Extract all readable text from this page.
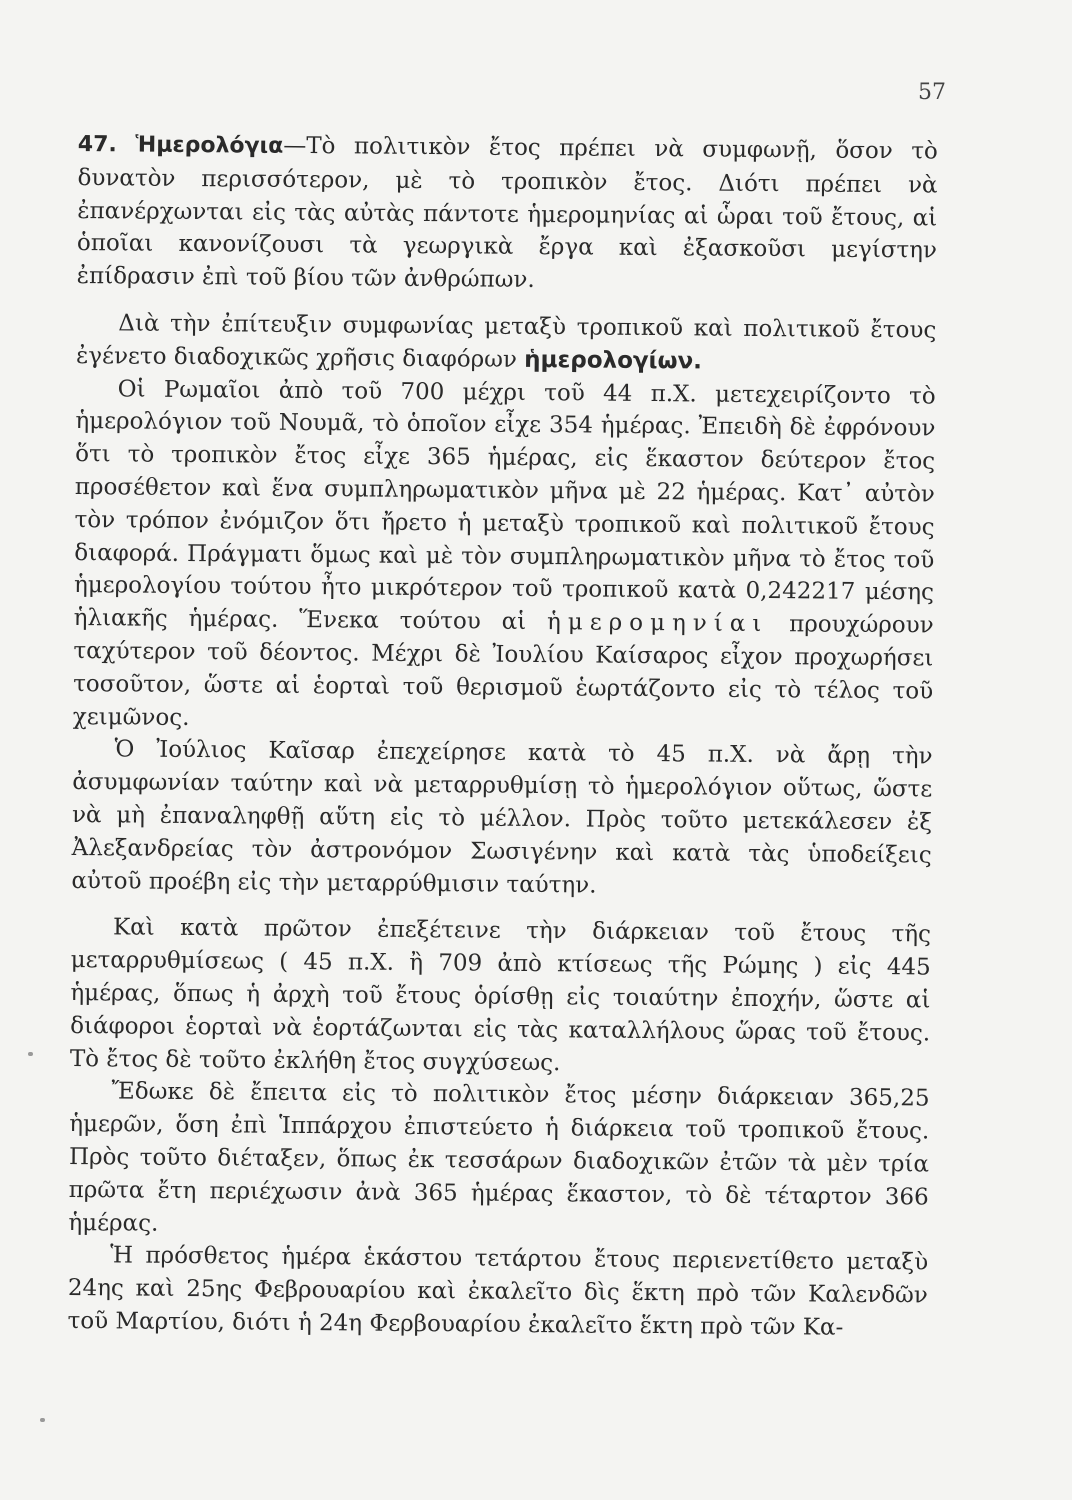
57

47. Ἡμερολόγια—Τὸ πολιτικὸν ἔτος πρέπει νὰ συμφωνῇ, ὅσον τὸ δυνατὸν περισσότερον, μὲ τὸ τροπικὸν ἔτος. Διότι πρέπει νὰ ἐπανέρχωνται εἰς τὰς αὐτὰς πάντοτε ἡμερομηνίας αἱ ὧραι τοῦ ἔτους, αἱ ὁποῖαι κανονίζουσι τὰ γεωργικὰ ἔργα καὶ ἐξασκοῦσι μεγίστην ἐπίδρασιν ἐπὶ τοῦ βίου τῶν ἀνθρώπων.

Διὰ τὴν ἐπίτευξιν συμφωνίας μεταξὺ τροπικοῦ καὶ πολιτικοῦ ἔτους ἐγένετο διαδοχικῶς χρῆσις διαφόρων ἡμερολογίων.

Οἱ Ρωμαῖοι ἀπὸ τοῦ 700 μέχρι τοῦ 44 π.Χ. μετεχειρίζοντο τὸ ἡμερολόγιον τοῦ Νουμᾶ, τὸ ὁποῖον εἶχε 354 ἡμέρας. Ἐπειδὴ δὲ ἐφρόνουν ὅτι τὸ τροπικὸν ἔτος εἶχε 365 ἡμέρας, εἰς ἕκαστον δεύτερον ἔτος προσέθετον καὶ ἕνα συμπληρωματικὸν μῆνα μὲ 22 ἡμέρας. Κατ᾽ αὐτὸν τὸν τρόπον ἐνόμιζον ὅτι ἤρετο ἡ μεταξὺ τροπικοῦ καὶ πολιτικοῦ ἔτους διαφορά. Πράγματι ὅμως καὶ μὲ τὸν συμπληρωματικὸν μῆνα τὸ ἔτος τοῦ ἡμερολογίου τούτου ἦτο μικρότερον τοῦ τροπικοῦ κατὰ 0,242217 μέσης ἡλιακῆς ἡμέρας. Ἕνεκα τούτου αἱ ἡμερομηνίαι προυχώρουν ταχύτερον τοῦ δέοντος. Μέχρι δὲ Ἰουλίου Καίσαρος εἶχον προχωρήσει τοσοῦτον, ὥστε αἱ ἑορταὶ τοῦ θερισμοῦ ἑωρτάζοντο εἰς τὸ τέλος τοῦ χειμῶνος.

Ὁ Ἰούλιος Καῖσαρ ἐπεχείρησε κατὰ τὸ 45 π.Χ. νὰ ἄρῃ τὴν ἀσυμφωνίαν ταύτην καὶ νὰ μεταρρυθμίσῃ τὸ ἡμερολόγιον οὕτως, ὥστε νὰ μὴ ἐπαναληφθῇ αὕτη εἰς τὸ μέλλον. Πρὸς τοῦτο μετεκάλεσεν ἐξ Ἀλεξανδρείας τὸν ἀστρονόμον Σωσιγένην καὶ κατὰ τὰς ὑποδείξεις αὐτοῦ προέβη εἰς τὴν μεταρρύθμισιν ταύτην.

Καὶ κατὰ πρῶτον ἐπεξέτεινε τὴν διάρκειαν τοῦ ἔτους τῆς μεταρρυθμίσεως ( 45 π.Χ. ἢ 709 ἀπὸ κτίσεως τῆς Ρώμης ) εἰς 445 ἡμέρας, ὅπως ἡ ἀρχὴ τοῦ ἔτους ὁρίσθῃ εἰς τοιαύτην ἐποχήν, ὥστε αἱ διάφοροι ἑορταὶ νὰ ἑορτάζωνται εἰς τὰς καταλλήλους ὥρας τοῦ ἔτους. Τὸ ἔτος δὲ τοῦτο ἐκλήθη ἔτος συγχύσεως.

Ἔδωκε δὲ ἔπειτα εἰς τὸ πολιτικὸν ἔτος μέσην διάρκειαν 365,25 ἡμερῶν, ὅση ἐπὶ Ἱππάρχου ἐπιστεύετο ἡ διάρκεια τοῦ τροπικοῦ ἔτους. Πρὸς τοῦτο διέταξεν, ὅπως ἐκ τεσσάρων διαδοχικῶν ἐτῶν τὰ μὲν τρία πρῶτα ἔτη περιέχωσιν ἀνὰ 365 ἡμέρας ἕκαστον, τὸ δὲ τέταρτον 366 ἡμέρας.

Ἡ πρόσθετος ἡμέρα ἑκάστου τετάρτου ἔτους περιενετίθετο μεταξὺ 24ης καὶ 25ης Φεβρουαρίου καὶ ἐκαλεῖτο δὶς ἕκτη πρὸ τῶν Καλενδῶν τοῦ Μαρτίου, διότι ἡ 24η Φερβουαρίου ἐκαλεῖτο ἕκτη πρὸ τῶν Κα-
